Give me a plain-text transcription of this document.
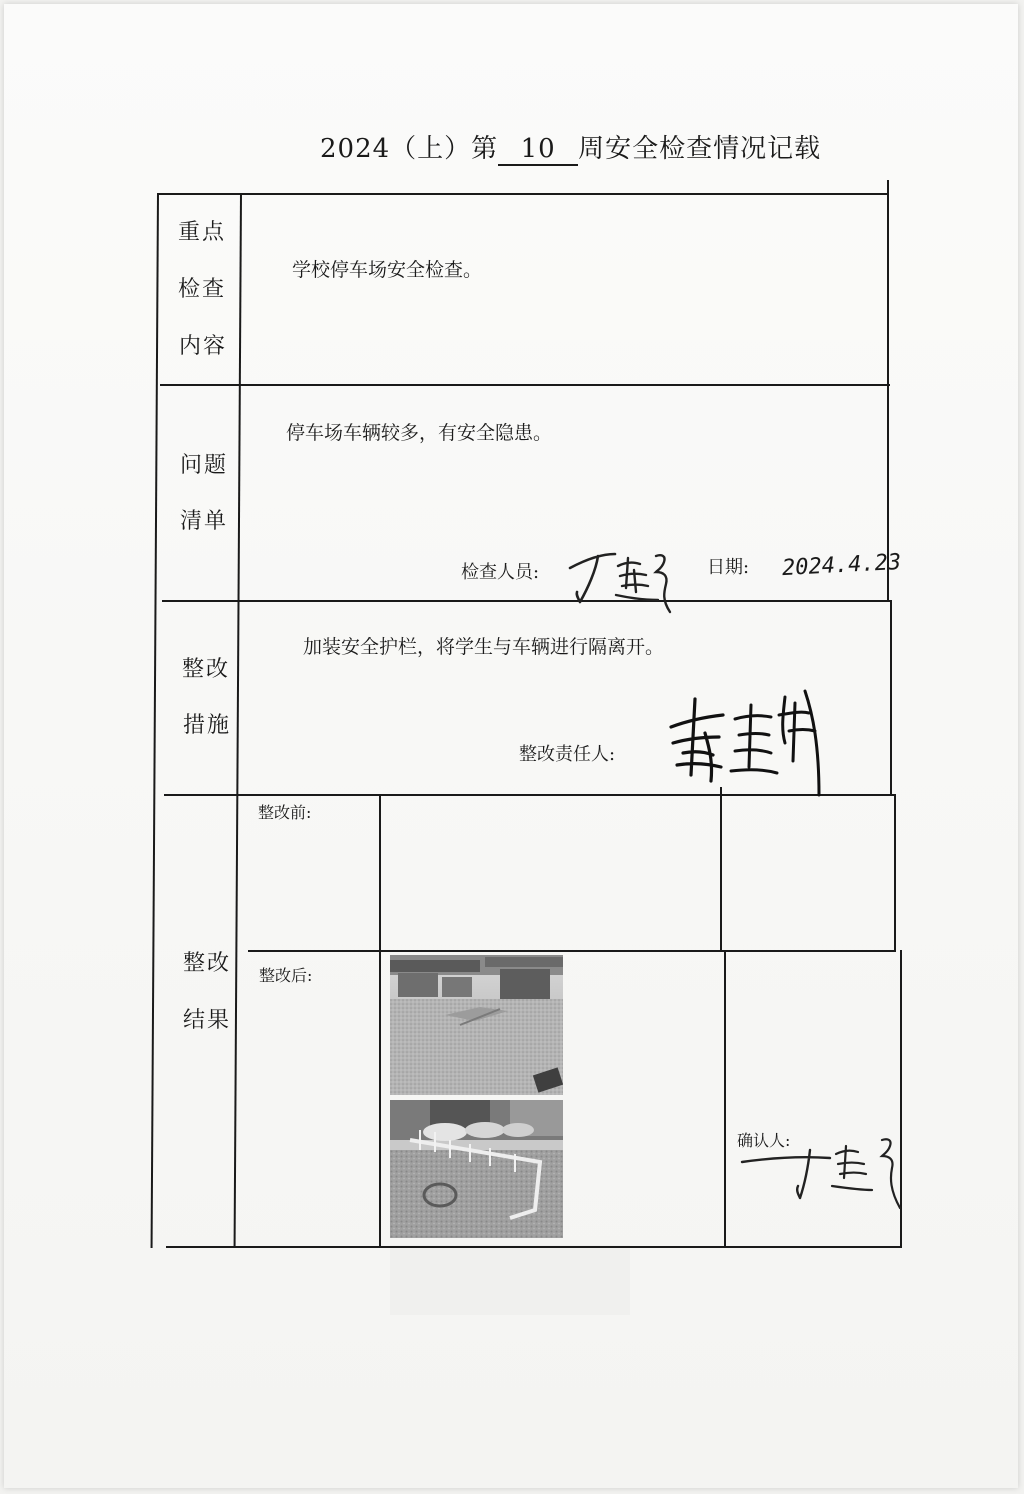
2024（上）第 10 周安全检查情况记载
重点
检查
内容
学校停车场安全检查。
问题
清单
停车场车辆较多，有安全隐患。
检查人员:	日期: 2024.4.23
整改
措施
加装安全护栏，将学生与车辆进行隔离开。
整改责任人:
整改
结果
整改前:
整改后:
确认人:
